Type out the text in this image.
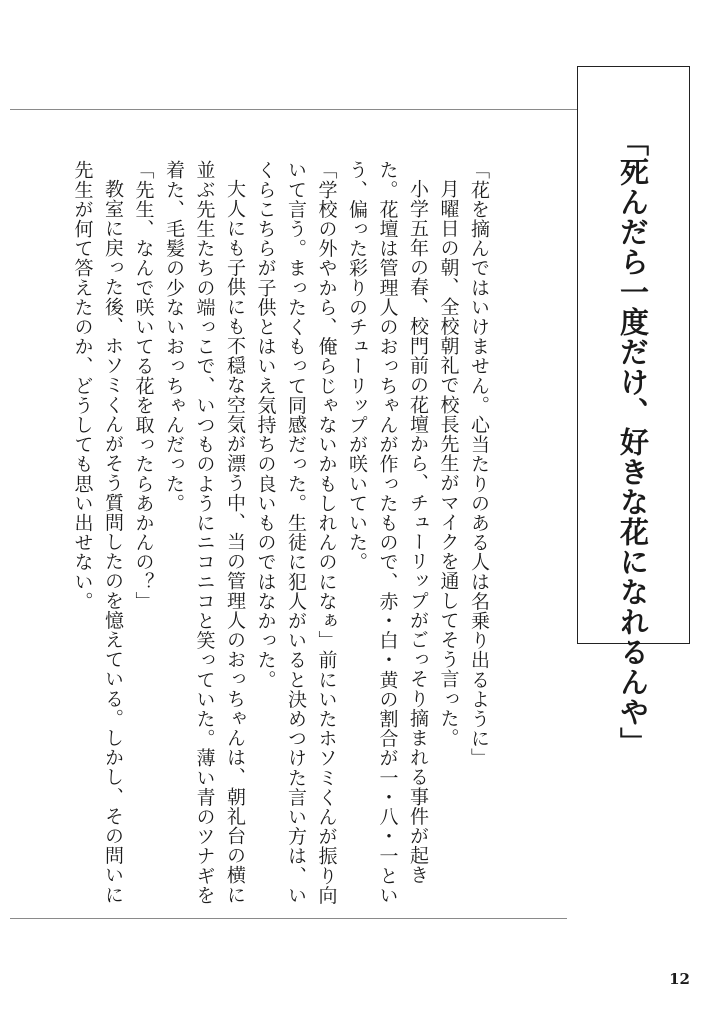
「死んだら一度だけ、好きな花になれるんや」

「花を摘んではいけません。心当たりのある人は名乗り出るように」

月曜日の朝、全校朝礼で校長先生がマイクを通してそう言った。

小学五年の春、校門前の花壇から、チューリップがごっそり摘まれる事件が起きた。花壇は管理人のおっちゃんが作ったもので、赤・白・黄の割合が一・八・一という、偏った彩りのチューリップが咲いていた。

「学校の外やから、俺らじゃないかもしれんのになぁ」前にいたホソミくんが振り向いて言う。まったくもって同感だった。生徒に犯人がいると決めつけた言い方は、いくらこちらが子供とはいえ気持ちの良いものではなかった。

大人にも子供にも不穏な空気が漂う中、当の管理人のおっちゃんは、朝礼台の横に並ぶ先生たちの端っこで、いつものようにニコニコと笑っていた。薄い青のツナギを着た、毛髪の少ないおっちゃんだった。

「先生、なんで咲いてる花を取ったらあかんの？」

教室に戻った後、ホソミくんがそう質問したのを憶えている。しかし、その問いに先生が何て答えたのか、どうしても思い出せない。

12
